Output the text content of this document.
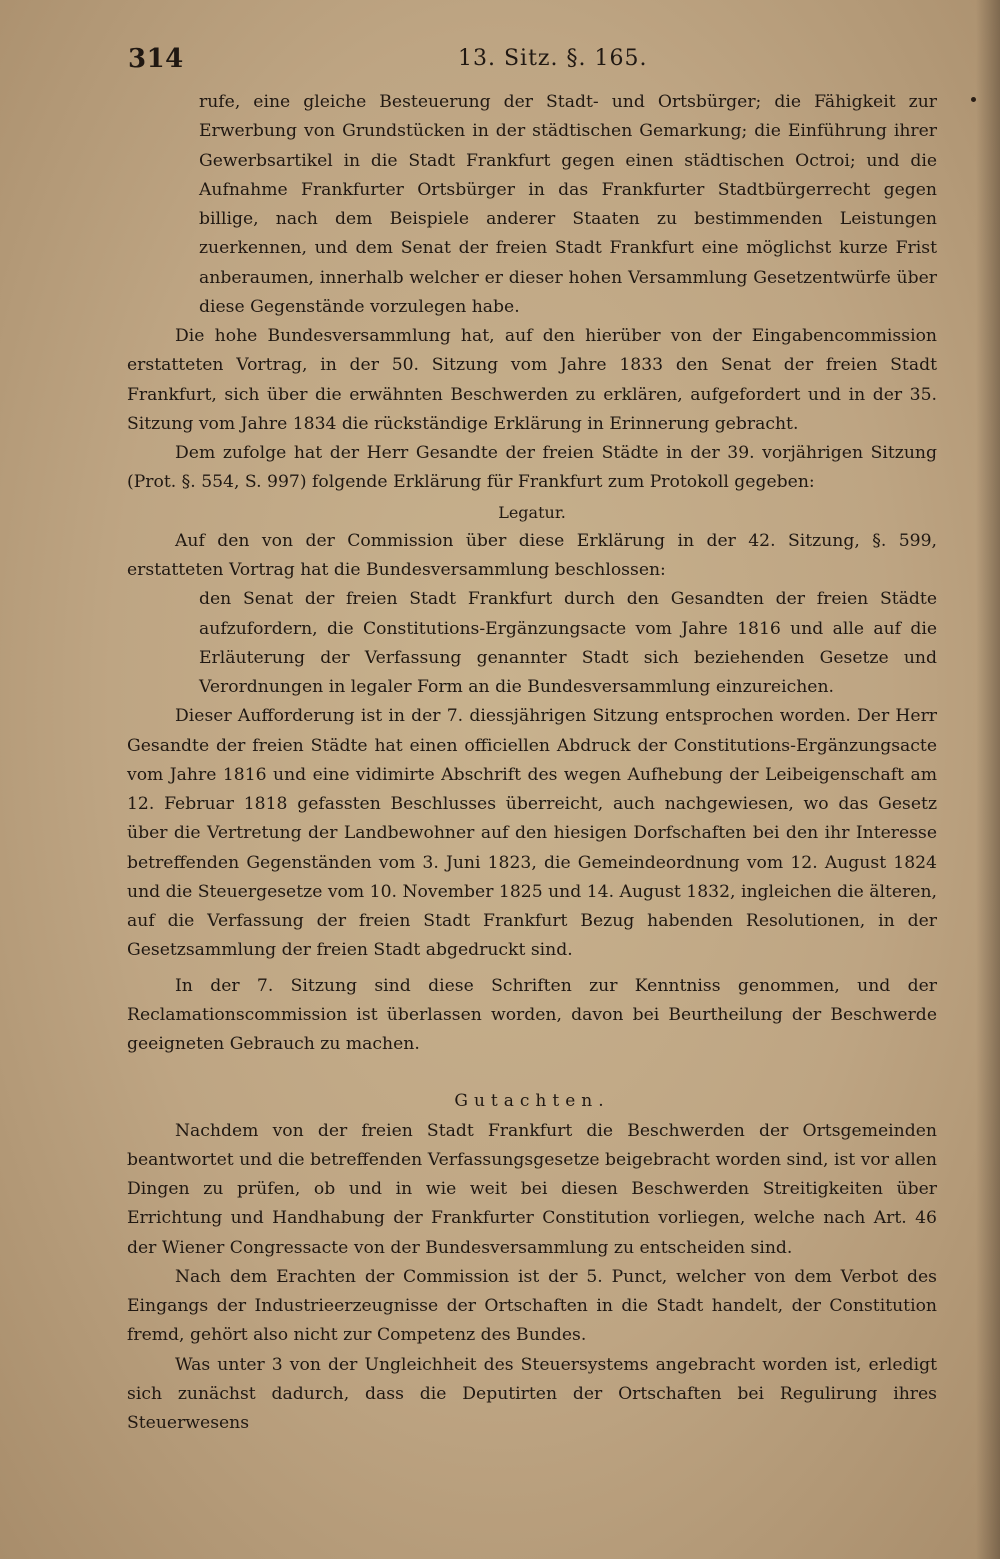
314	13. Sitz. §. 165.

rufe, eine gleiche Besteuerung der Stadt- und Ortsbürger; die Fähigkeit zur Erwerbung von Grundstücken in der städtischen Gemarkung; die Einführung ihrer Gewerbsartikel in die Stadt Frankfurt gegen einen städtischen Octroi; und die Aufnahme Frankfurter Ortsbürger in das Frankfurter Stadtbürgerrecht gegen billige, nach dem Beispiele anderer Staaten zu bestimmenden Leistungen zuerkennen, und dem Senat der freien Stadt Frankfurt eine möglichst kurze Frist anberaumen, innerhalb welcher er dieser hohen Versammlung Gesetzentwürfe über diese Gegenstände vorzulegen habe.

Die hohe Bundesversammlung hat, auf den hierüber von der Eingabencommission erstatteten Vortrag, in der 50. Sitzung vom Jahre 1833 den Senat der freien Stadt Frankfurt, sich über die erwähnten Beschwerden zu erklären, aufgefordert und in der 35. Sitzung vom Jahre 1834 die rückständige Erklärung in Erinnerung gebracht.

Dem zufolge hat der Herr Gesandte der freien Städte in der 39. vorjährigen Sitzung (Prot. §. 554, S. 997) folgende Erklärung für Frankfurt zum Protokoll gegeben:

Legatur.

Auf den von der Commission über diese Erklärung in der 42. Sitzung, §. 599, erstatteten Vortrag hat die Bundesversammlung beschlossen:

den Senat der freien Stadt Frankfurt durch den Gesandten der freien Städte aufzufordern, die Constitutions-Ergänzungsacte vom Jahre 1816 und alle auf die Erläuterung der Verfassung genannter Stadt sich beziehenden Gesetze und Verordnungen in legaler Form an die Bundesversammlung einzureichen.

Dieser Aufforderung ist in der 7. diessjährigen Sitzung entsprochen worden. Der Herr Gesandte der freien Städte hat einen officiellen Abdruck der Constitutions-Ergänzungsacte vom Jahre 1816 und eine vidimirte Abschrift des wegen Aufhebung der Leibeigenschaft am 12. Februar 1818 gefassten Beschlusses überreicht, auch nachgewiesen, wo das Gesetz über die Vertretung der Landbewohner auf den hiesigen Dorfschaften bei den ihr Interesse betreffenden Gegenständen vom 3. Juni 1823, die Gemeindeordnung vom 12. August 1824 und die Steuergesetze vom 10. November 1825 und 14. August 1832, ingleichen die älteren, auf die Verfassung der freien Stadt Frankfurt Bezug habenden Resolutionen, in der Gesetzsammlung der freien Stadt abgedruckt sind.

In der 7. Sitzung sind diese Schriften zur Kenntniss genommen, und der Reclamationscommission ist überlassen worden, davon bei Beurtheilung der Beschwerde geeigneten Gebrauch zu machen.

Gutachten.

Nachdem von der freien Stadt Frankfurt die Beschwerden der Ortsgemeinden beantwortet und die betreffenden Verfassungsgesetze beigebracht worden sind, ist vor allen Dingen zu prüfen, ob und in wie weit bei diesen Beschwerden Streitigkeiten über Errichtung und Handhabung der Frankfurter Constitution vorliegen, welche nach Art. 46 der Wiener Congressacte von der Bundesversammlung zu entscheiden sind.

Nach dem Erachten der Commission ist der 5. Punct, welcher von dem Verbot des Eingangs der Industrieerzeugnisse der Ortschaften in die Stadt handelt, der Constitution fremd, gehört also nicht zur Competenz des Bundes.

Was unter 3 von der Ungleichheit des Steuersystems angebracht worden ist, erledigt sich zunächst dadurch, dass die Deputirten der Ortschaften bei Regulirung ihres Steuerwesens
